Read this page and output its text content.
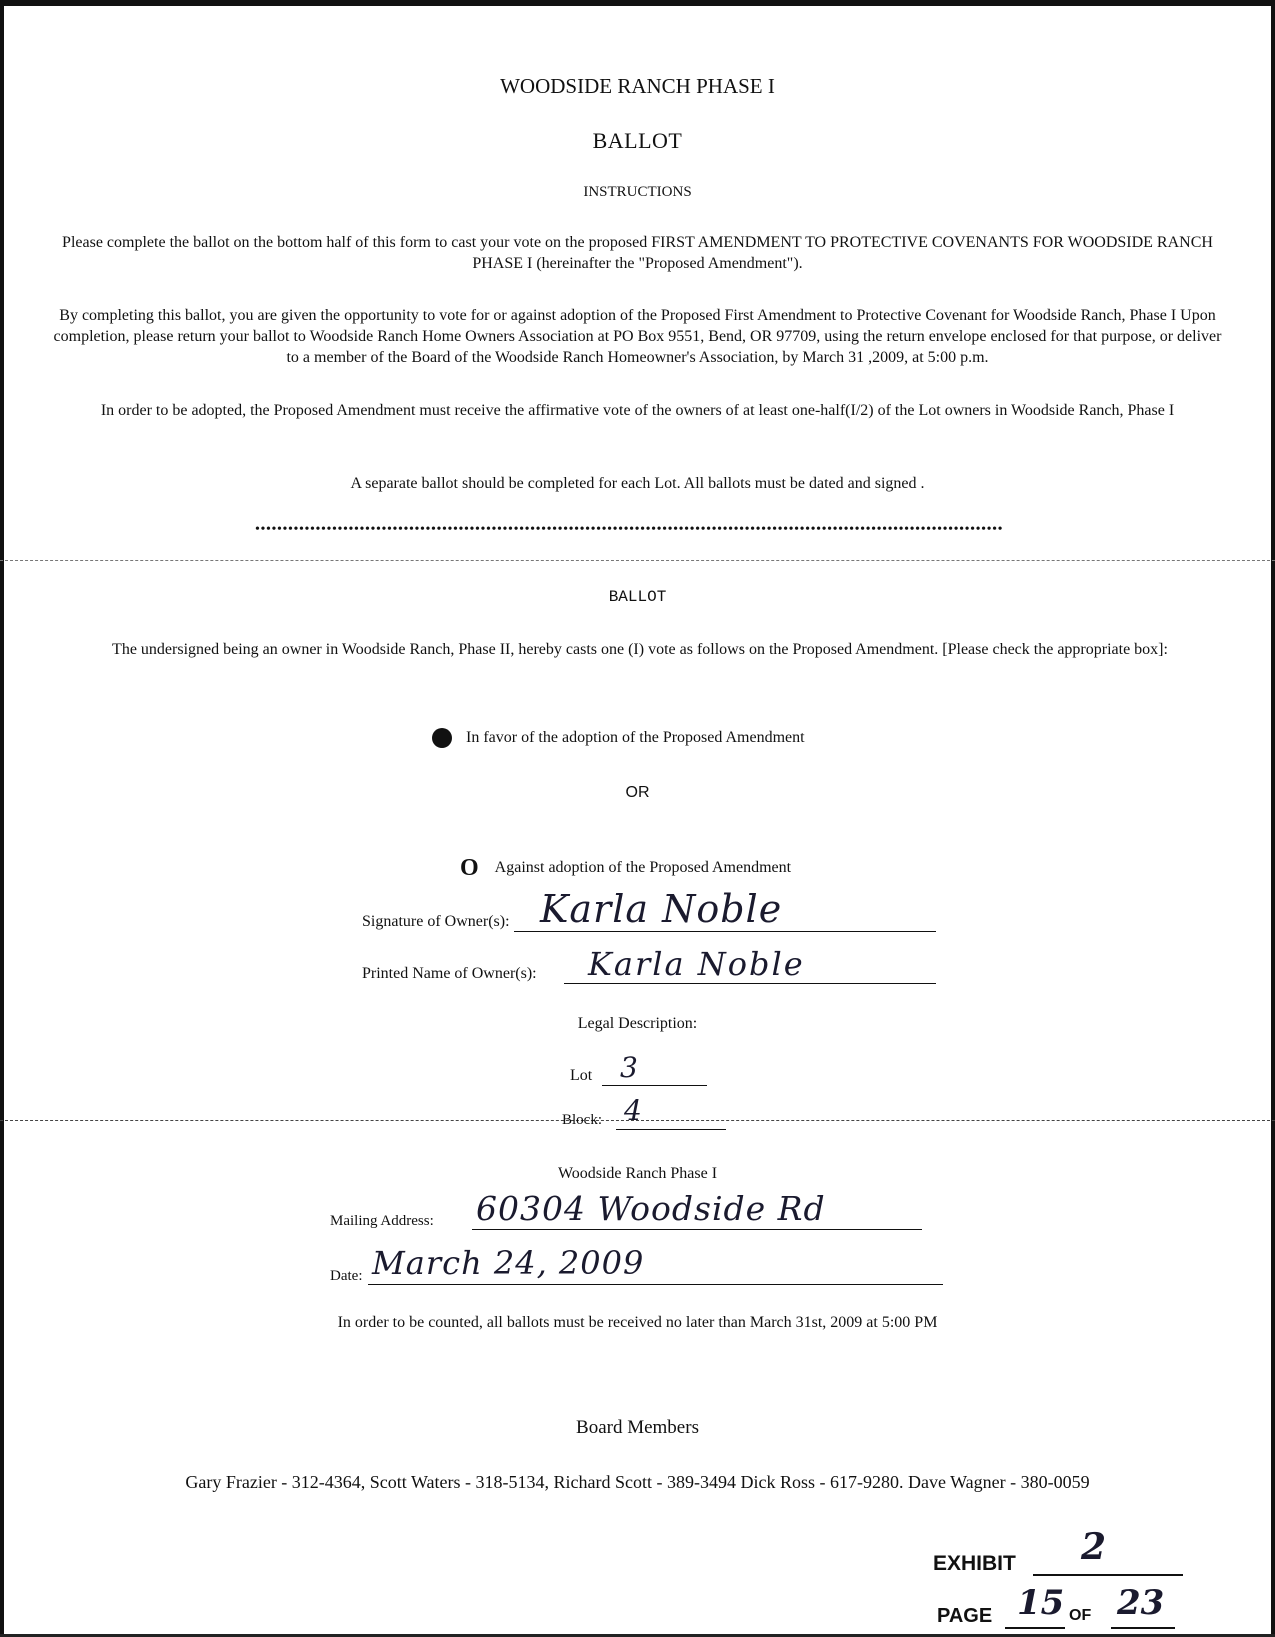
WOODSIDE RANCH PHASE I
BALLOT
INSTRUCTIONS
Please complete the ballot on the bottom half of this form to cast your vote on the proposed FIRST AMENDMENT TO PROTECTIVE COVENANTS FOR WOODSIDE RANCH PHASE I (hereinafter the "Proposed Amendment").
By completing this ballot, you are given the opportunity to vote for or against adoption of the Proposed First Amendment to Protective Covenant for Woodside Ranch, Phase I Upon completion, please return your ballot to Woodside Ranch Home Owners Association at PO Box 9551, Bend, OR 97709, using the return envelope enclosed for that purpose, or deliver to a member of the Board of the Woodside Ranch Homeowner's Association, by March 31 ,2009, at 5:00 p.m.
In order to be adopted, the Proposed Amendment must receive the affirmative vote of the owners of at least one-half(I/2) of the Lot owners in Woodside Ranch, Phase I
A separate ballot should be completed for each Lot. All ballots must be dated and signed .
••••••••••••••••••••••••••••••••••••••••••••••••••••••••••••••••••••••••••••••••••••••••••••••••••••••••••••••••••••••••••••••••••••••••
BALLOT
The undersigned being an owner in Woodside Ranch, Phase II, hereby casts one (I) vote as follows on the Proposed Amendment. [Please check the appropriate box]:
In favor of the adoption of the Proposed Amendment
OR
O Against adoption of the Proposed Amendment
Signature of Owner(s): Karla Noble
Printed Name of Owner(s): Karla Noble
Legal Description:
Lot 3
Block: 4
Woodside Ranch Phase I
Mailing Address: 60304 Woodside Rd
Date: March 24, 2009
In order to be counted, all ballots must be received no later than March 31st, 2009 at 5:00 PM
Board Members
Gary Frazier - 312-4364, Scott Waters - 318-5134, Richard Scott - 389-3494 Dick Ross - 617-9280. Dave Wagner - 380-0059
EXHIBIT 2
PAGE 15 OF 23
